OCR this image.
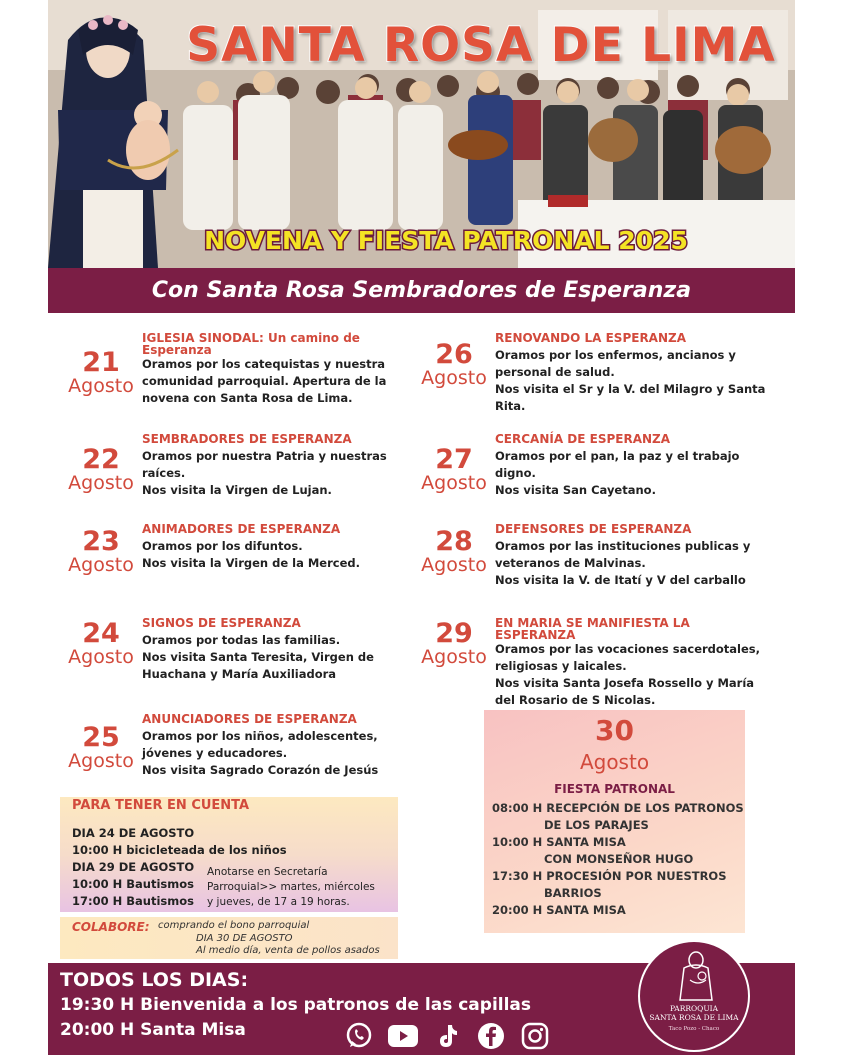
SANTA ROSA DE LIMA
NOVENA Y FIESTA PATRONAL 2025
Con Santa Rosa Sembradores de Esperanza
21
Agosto
IGLESIA SINODAL: Un camino de
Esperanza
Oramos por los catequistas y nuestra
comunidad parroquial. Apertura de la
novena con Santa Rosa de Lima.
22
Agosto
SEMBRADORES DE ESPERANZA
Oramos por nuestra Patria y nuestras
raíces.
Nos visita la Virgen de Lujan.
23
Agosto
ANIMADORES DE ESPERANZA
Oramos por los difuntos.
Nos visita la Virgen de la Merced.
24
Agosto
SIGNOS DE ESPERANZA
Oramos por todas las familias.
Nos visita Santa Teresita, Virgen de
Huachana y María Auxiliadora
25
Agosto
ANUNCIADORES DE ESPERANZA
Oramos por los niños, adolescentes,
jóvenes y educadores.
Nos visita Sagrado Corazón de Jesús
26
Agosto
RENOVANDO LA ESPERANZA
Oramos por los enfermos, ancianos y
personal de salud.
Nos visita el Sr y la V. del Milagro y Santa
Rita.
27
Agosto
CERCANÍA DE ESPERANZA
Oramos por el pan, la paz y el trabajo
digno.
Nos visita San Cayetano.
28
Agosto
DEFENSORES DE ESPERANZA
Oramos por las instituciones publicas y
veteranos de Malvinas.
Nos visita la V. de Itatí y V del carballo
29
Agosto
EN MARIA SE MANIFIESTA LA
ESPERANZA
Oramos por las vocaciones sacerdotales,
religiosas y laicales.
Nos visita Santa Josefa Rossello y María
del Rosario de S Nicolas.
30
Agosto
FIESTA PATRONAL
08:00 H RECEPCIÓN DE LOS PATRONOS
DE LOS PARAJES
10:00 H SANTA MISA
CON MONSEÑOR HUGO
17:30 H PROCESIÓN POR NUESTROS
BARRIOS
20:00 H SANTA MISA
PARA TENER EN CUENTA
DIA 24 DE AGOSTO
10:00 H bicicleteada de los niños
DIA 29 DE AGOSTO
10:00 H Bautismos
17:00 H Bautismos
Anotarse en Secretaría
Parroquial>> martes, miércoles
y jueves, de 17 a 19 horas.
COLABORE: comprando el bono parroquial
DIA 30 DE AGOSTO
Al medio día, venta de pollos asados
TODOS LOS DIAS:
19:30 H Bienvenida a los patronos de las capillas
20:00 H Santa Misa
PARROQUIA
SANTA ROSA DE LIMA
Taco Pozo - Chaco
